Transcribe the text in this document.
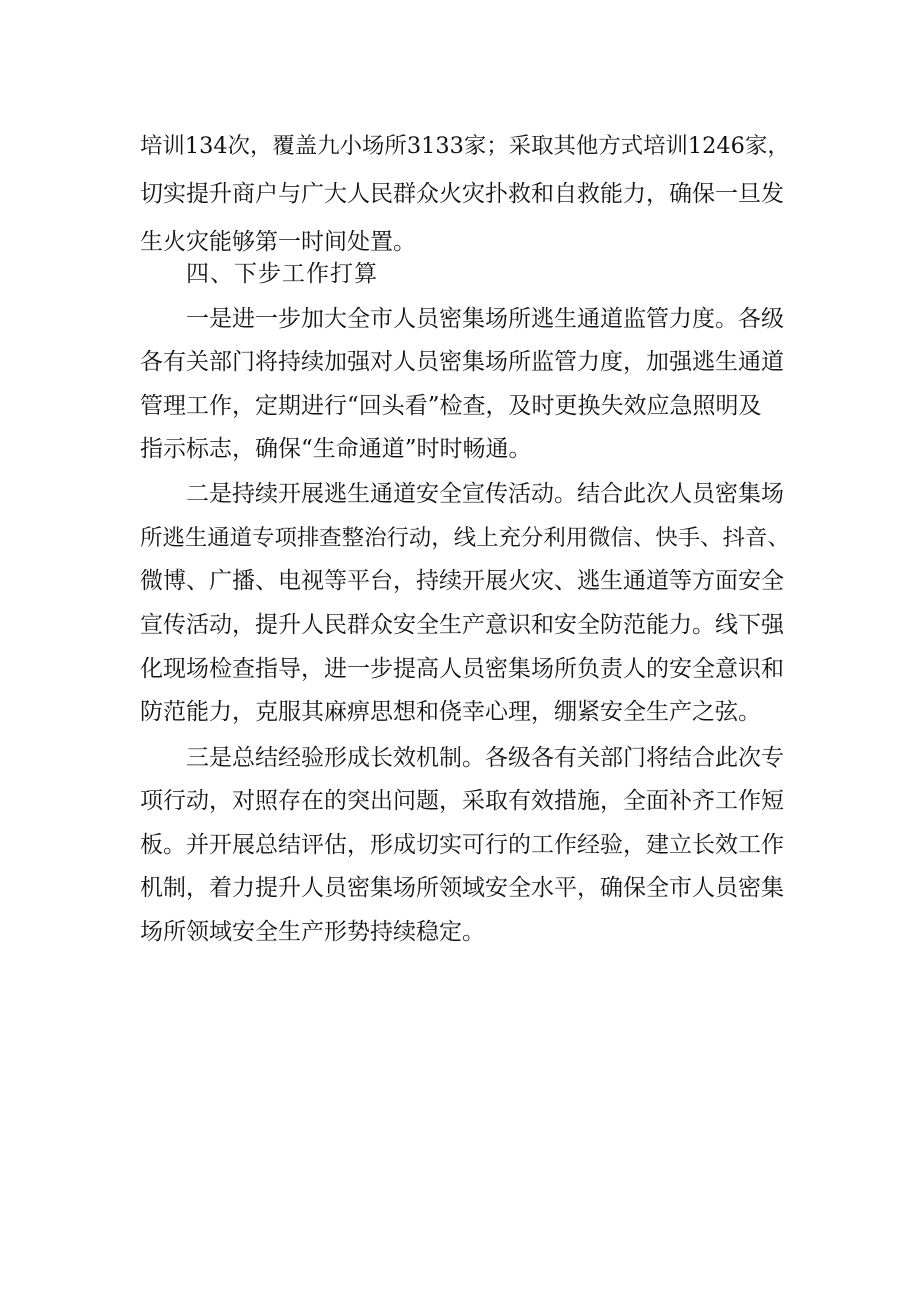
培训134次，覆盖九小场所3133家；采取其他方式培训1246家，
切实提升商户与广大人民群众火灾扑救和自救能力，确保一旦发
生火灾能够第一时间处置。
四、下步工作打算
一是进一步加大全市人员密集场所逃生通道监管力度。各级
各有关部门将持续加强对人员密集场所监管力度，加强逃生通道
管理工作，定期进行“回头看”检查，及时更换失效应急照明及
指示标志，确保“生命通道”时时畅通。
二是持续开展逃生通道安全宣传活动。结合此次人员密集场
所逃生通道专项排查整治行动，线上充分利用微信、快手、抖音、
微博、广播、电视等平台，持续开展火灾、逃生通道等方面安全
宣传活动，提升人民群众安全生产意识和安全防范能力。线下强
化现场检查指导，进一步提高人员密集场所负责人的安全意识和
防范能力，克服其麻痹思想和侥幸心理，绷紧安全生产之弦。
三是总结经验形成长效机制。各级各有关部门将结合此次专
项行动，对照存在的突出问题，采取有效措施，全面补齐工作短
板。并开展总结评估，形成切实可行的工作经验，建立长效工作
机制，着力提升人员密集场所领域安全水平，确保全市人员密集
场所领域安全生产形势持续稳定。
